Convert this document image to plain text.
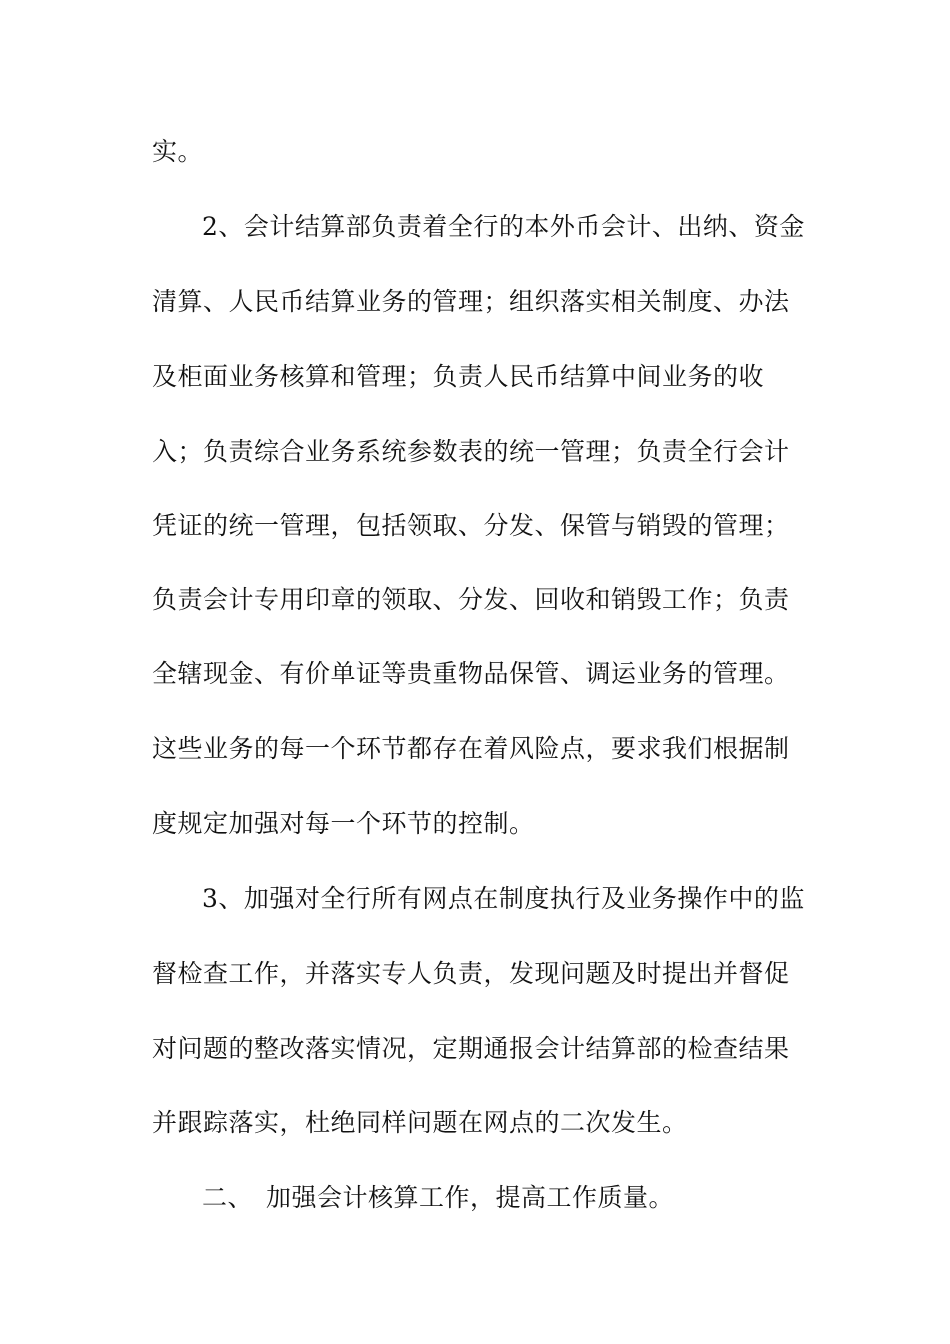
实。

2、会计结算部负责着全行的本外币会计、出纳、资金

清算、人民币结算业务的管理；组织落实相关制度、办法

及柜面业务核算和管理；负责人民币结算中间业务的收

入；负责综合业务系统参数表的统一管理；负责全行会计

凭证的统一管理，包括领取、分发、保管与销毁的管理；

负责会计专用印章的领取、分发、回收和销毁工作；负责

全辖现金、有价单证等贵重物品保管、调运业务的管理。

这些业务的每一个环节都存在着风险点，要求我们根据制

度规定加强对每一个环节的控制。

3、加强对全行所有网点在制度执行及业务操作中的监

督检查工作，并落实专人负责，发现问题及时提出并督促

对问题的整改落实情况，定期通报会计结算部的检查结果

并跟踪落实，杜绝同样问题在网点的二次发生。

二、 加强会计核算工作，提高工作质量。
